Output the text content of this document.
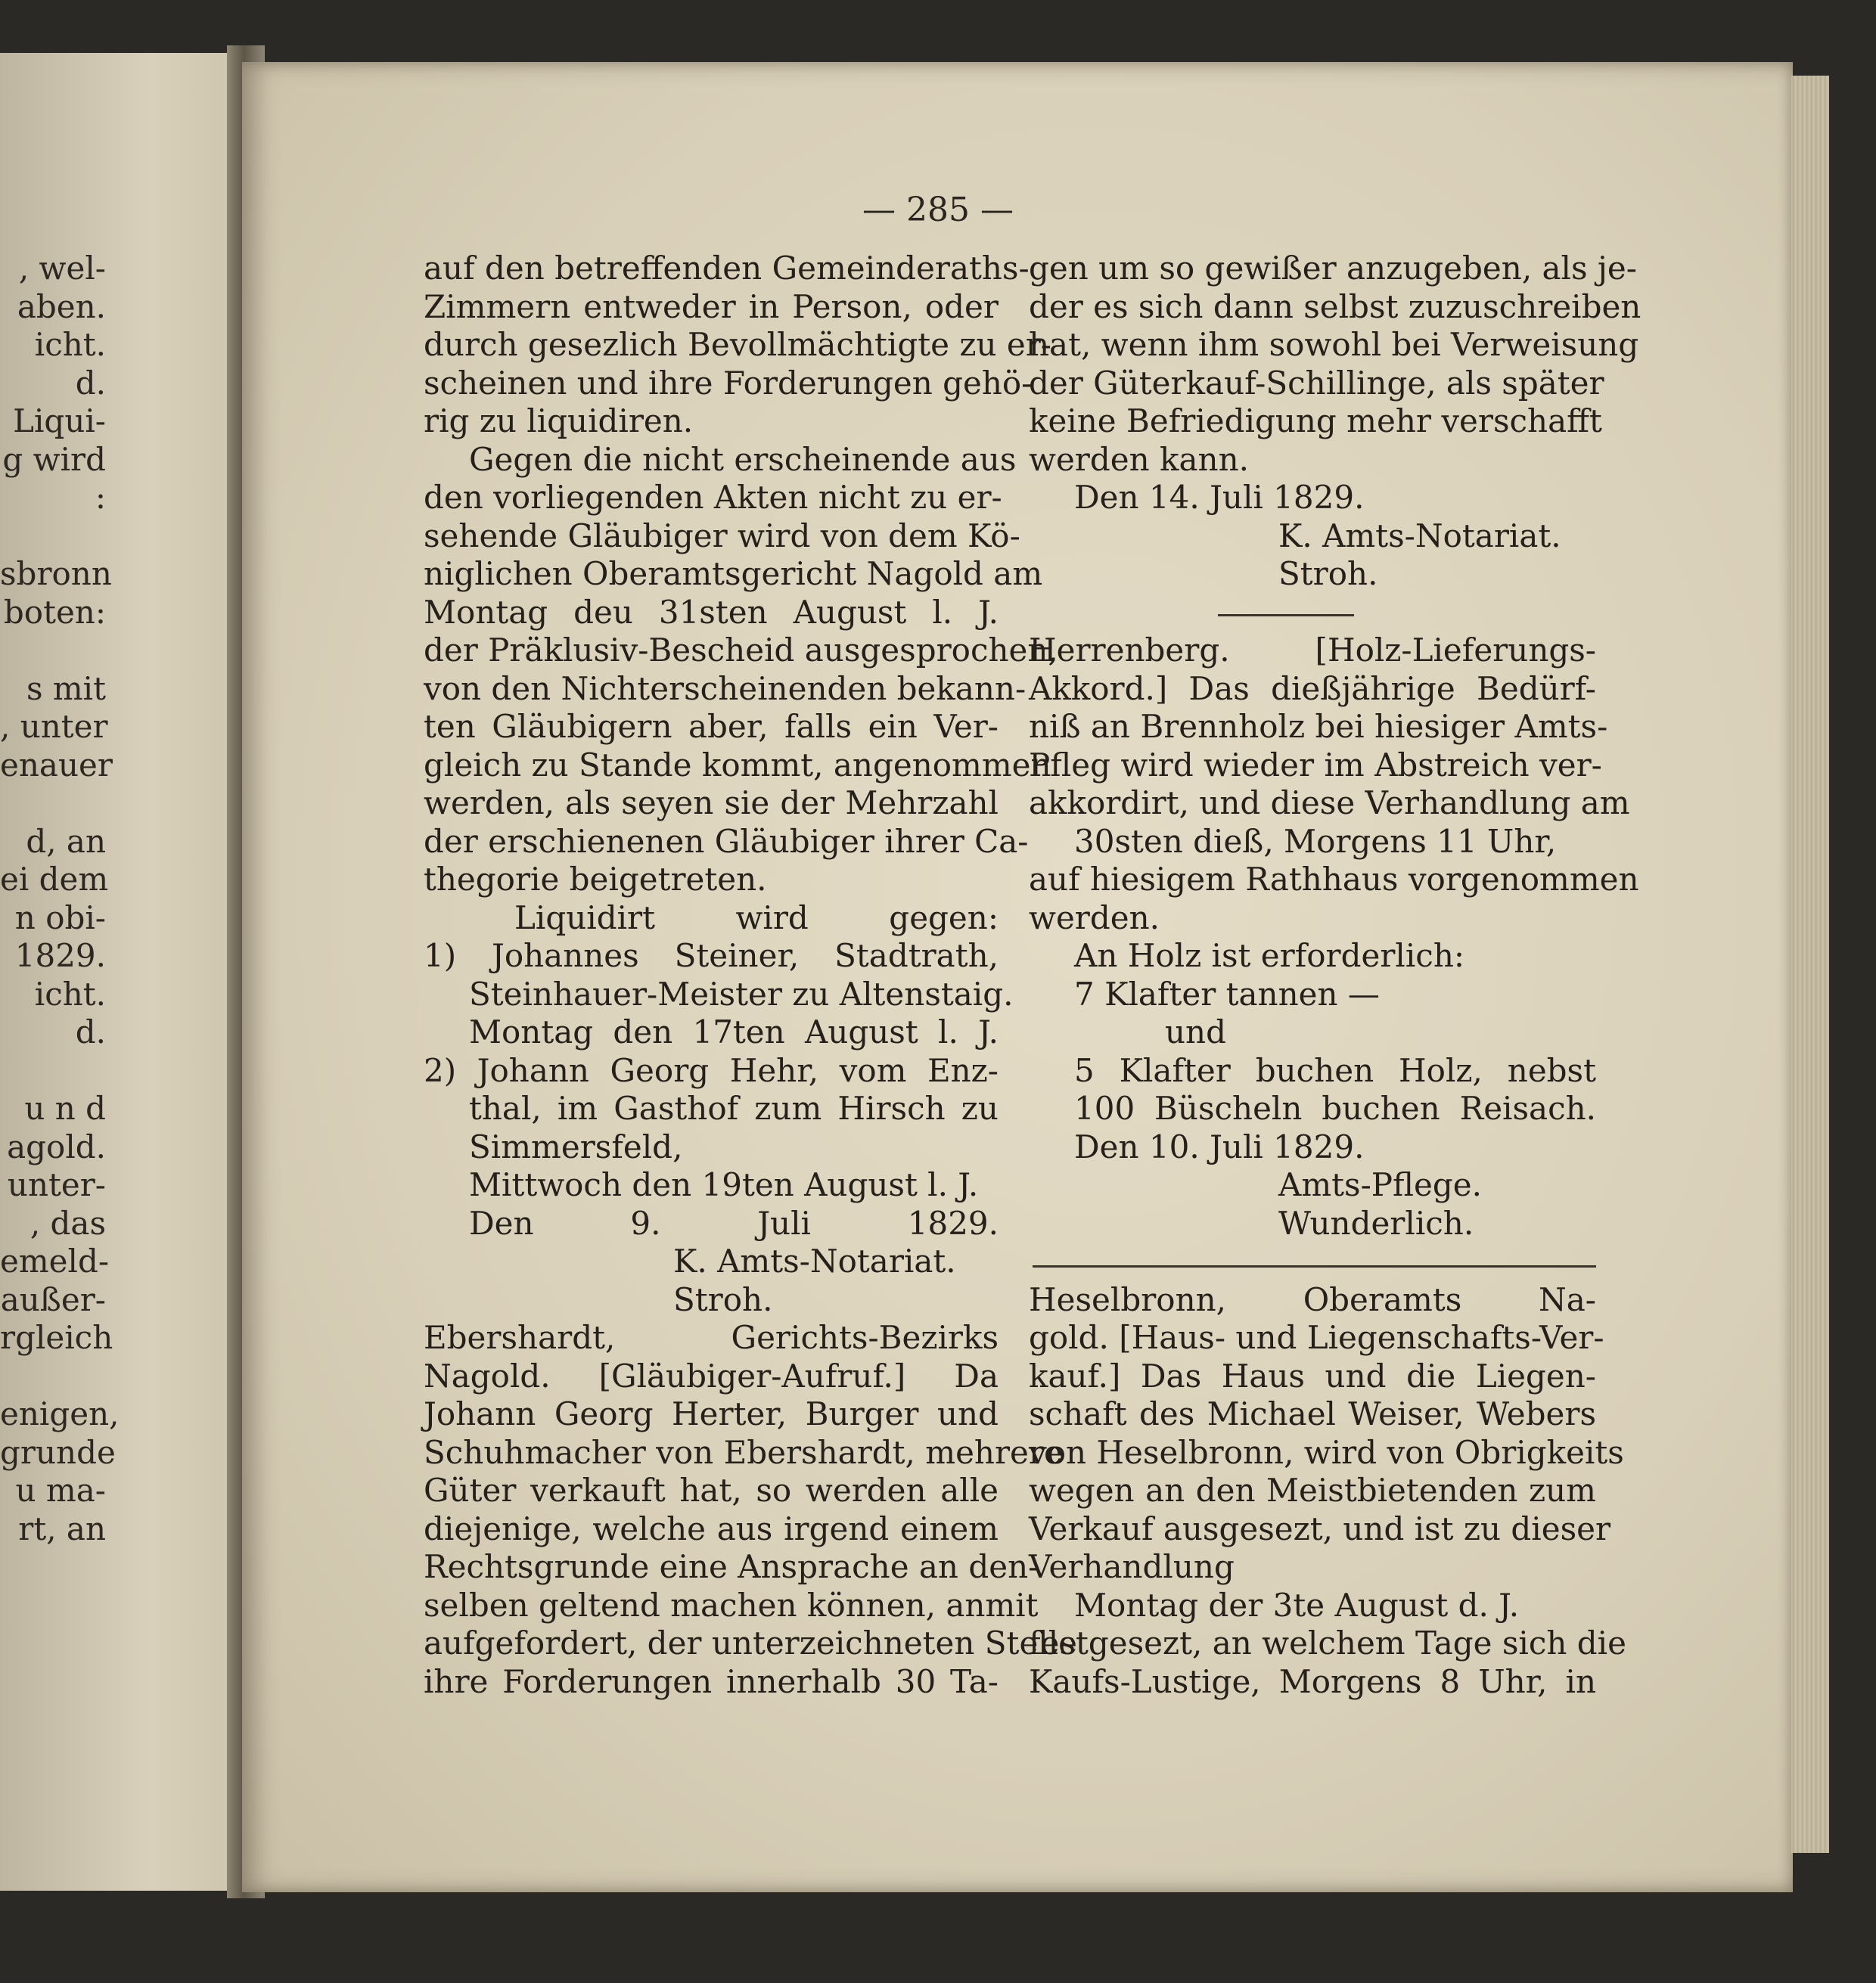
, wel-
aben.
icht.
d.
Liqui-
g wird
:

sbronn
boten:

s mit
, unter
enauer

d, an
ei dem
n obi-
1829.
icht.
d.

u n d
agold.
unter-
, das
emeld-
außer-
rgleich

enigen,
grunde
u ma-
rt, an
— 285 —
auf den betreffenden Gemeinderaths-
Zimmern entweder in Person, oder
durch gesezlich Bevollmächtigte zu er-
scheinen und ihre Forderungen gehö-
rig zu liquidiren.
Gegen die nicht erscheinende aus
den vorliegenden Akten nicht zu er-
sehende Gläubiger wird von dem Kö-
niglichen Oberamtsgericht Nagold am
Montag deu 31sten August l. J.
der Präklusiv-Bescheid ausgesprochen,
von den Nichterscheinenden bekann-
ten Gläubigern aber, falls ein Ver-
gleich zu Stande kommt, angenommen
werden, als seyen sie der Mehrzahl
der erschienenen Gläubiger ihrer Ca-
thegorie beigetreten.
Liquidirt wird gegen:
1) Johannes Steiner, Stadtrath,
Steinhauer-Meister zu Altenstaig.
Montag den 17ten August l. J.
2) Johann Georg Hehr, vom Enz-
thal, im Gasthof zum Hirsch zu
Simmersfeld,
Mittwoch den 19ten August l. J.
Den 9. Juli 1829.
K. Amts-Notariat.
Stroh.
Ebershardt, Gerichts-Bezirks
Nagold. [Gläubiger-Aufruf.] Da
Johann Georg Herter, Burger und
Schuhmacher von Ebershardt, mehrere
Güter verkauft hat, so werden alle
diejenige, welche aus irgend einem
Rechtsgrunde eine Ansprache an den-
selben geltend machen können, anmit
aufgefordert, der unterzeichneten Stelle
ihre Forderungen innerhalb 30 Ta-
gen um so gewißer anzugeben, als je-
der es sich dann selbst zuzuschreiben
hat, wenn ihm sowohl bei Verweisung
der Güterkauf-Schillinge, als später
keine Befriedigung mehr verschafft
werden kann.
Den 14. Juli 1829.
K. Amts-Notariat.
Stroh.

Herrenberg. [Holz-Lieferungs-
Akkord.] Das dießjährige Bedürf-
niß an Brennholz bei hiesiger Amts-
Pfleg wird wieder im Abstreich ver-
akkordirt, und diese Verhandlung am
30sten dieß, Morgens 11 Uhr,
auf hiesigem Rathhaus vorgenommen
werden.
An Holz ist erforderlich:
7 Klafter tannen —
und
5 Klafter buchen Holz, nebst
100 Büscheln buchen Reisach.
Den 10. Juli 1829.
Amts-Pflege.
Wunderlich.

Heselbronn, Oberamts Na-
gold. [Haus- und Liegenschafts-Ver-
kauf.] Das Haus und die Liegen-
schaft des Michael Weiser, Webers
von Heselbronn, wird von Obrigkeits
wegen an den Meistbietenden zum
Verkauf ausgesezt, und ist zu dieser
Verhandlung
Montag der 3te August d. J.
festgesezt, an welchem Tage sich die
Kaufs-Lustige, Morgens 8 Uhr, in
